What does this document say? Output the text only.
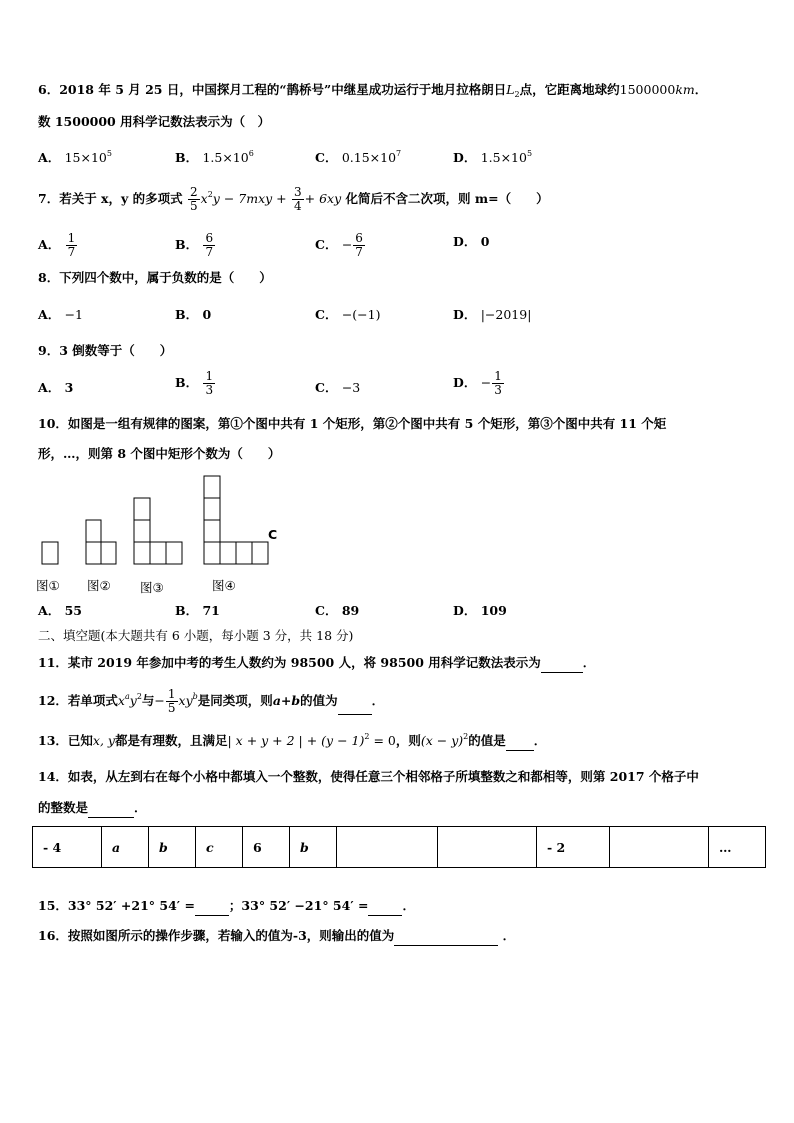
6．2018 年 5 月 25 日，中国探月工程的“鹊桥号”中继星成功运行于地月拉格朗日$L_2$点，它距离地球约1500000km．
数 1500000 用科学记数法表示为（　）
A． $15\times 10^5$	B． $1.5\times 10^6$	C． $0.15\times 10^7$	D． $1.5\times 10^5$
7．若关于 x，y 的多项式 $\frac{2}{5} x^2y - 7mxy + \frac{3}{4} + 6xy$ 化简后不含二次项，则 m=（　　）
A． $\frac{1}{7}$	B． $\frac{6}{7}$	C． − $\frac{6}{7}$	D． 0
8．下列四个数中，属于负数的是（　　）
A． −1	B． 0	C． −(−1)	D． |−2019|
9．3 倒数等于（　　）
A． 3	B． $\frac{1}{3}$	C． −3	D． − $\frac{1}{3}$
10．如图是一组有规律的图案，第①个图中共有 1 个矩形，第②个图中共有 5 个矩形，第③个图中共有 11 个矩
形，…，则第 8 个图中矩形个数为（　　）
C
图① 图② 图③	图④
A． 55	B． 71	C． 89	D． 109
二、填空题(本大题共有 6 小题，每小题 3 分，共 18 分)
11．某市 2019 年参加中考的考生人数约为 98500 人，将 98500 用科学记数法表示为	．
12．若单项式$x^ay^2$与− $\frac{1}{5} xy^b$是同类项，则a+b的值为	．
13．已知x, y都是有理数，且满足| x + y + 2 | + $(y - 1)^2 = 0$，则$(x - y)^2$的值是 ．
14．如表，从左到右在每个小格中都填入一个整数，使得任意三个相邻格子所填整数之和都相等，则第 2017 个格子中
的整数是	．
- 4	a	b	c	6	b			- 2		…
15．33° 52′ +21° 54′ =	；33° 52′ −21° 54′ =	．
16．按照如图所示的操作步骤，若输入的值为-3，则输出的值为	．
